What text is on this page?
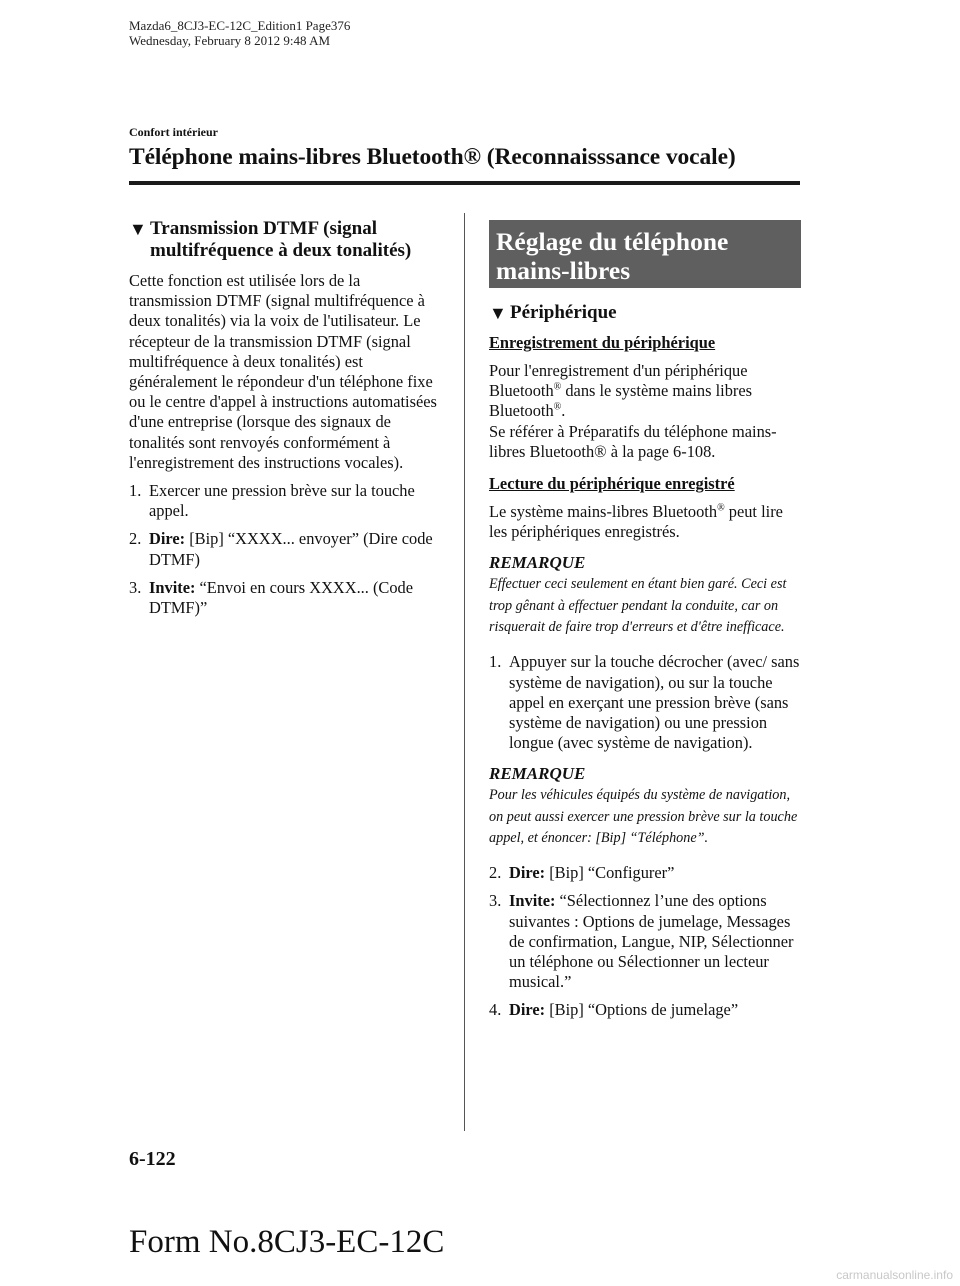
Mazda6_8CJ3-EC-12C_Edition1 Page376
Wednesday, February 8 2012 9:48 AM
Confort intérieur
Téléphone mains-libres Bluetooth® (Reconnaisssance vocale)
▼ Transmission DTMF (signal multifréquence à deux tonalités)

Cette fonction est utilisée lors de la transmission DTMF (signal multifréquence à deux tonalités) via la voix de l'utilisateur. Le récepteur de la transmission DTMF (signal multifréquence à deux tonalités) est généralement le répondeur d'un téléphone fixe ou le centre d'appel à instructions automatisées d'une entreprise (lorsque des signaux de tonalités sont renvoyés conformément à l'enregistrement des instructions vocales).

1. Exercer une pression brève sur la touche appel.
2. Dire: [Bip] “XXXX... envoyer” (Dire code DTMF)
3. Invite: “Envoi en cours XXXX... (Code DTMF)”
Réglage du téléphone mains-libres
▼ Périphérique
Enregistrement du périphérique

Pour l'enregistrement d'un périphérique Bluetooth® dans le système mains libres Bluetooth®.

Se référer à Préparatifs du téléphone mains-libres Bluetooth® à la page 6-108.

Lecture du périphérique enregistré

Le système mains-libres Bluetooth® peut lire les périphériques enregistrés.

REMARQUE
Effectuer ceci seulement en étant bien garé. Ceci est trop gênant à effectuer pendant la conduite, car on risquerait de faire trop d'erreurs et d'être inefficace.
1. Appuyer sur la touche décrocher (avec/ sans système de navigation), ou sur la touche appel en exerçant une pression brève (sans système de navigation) ou une pression longue (avec système de navigation).
REMARQUE
Pour les véhicules équipés du système de navigation, on peut aussi exercer une pression brève sur la touche appel, et énoncer: [Bip] “Téléphone”.
2. Dire: [Bip] “Configurer”
3. Invite: “Sélectionnez l’une des options suivantes : Options de jumelage, Messages de confirmation, Langue, NIP, Sélectionner un téléphone ou Sélectionner un lecteur musical.”
4. Dire: [Bip] “Options de jumelage”
6-122
Form No.8CJ3-EC-12C
carmanualsonline.info
